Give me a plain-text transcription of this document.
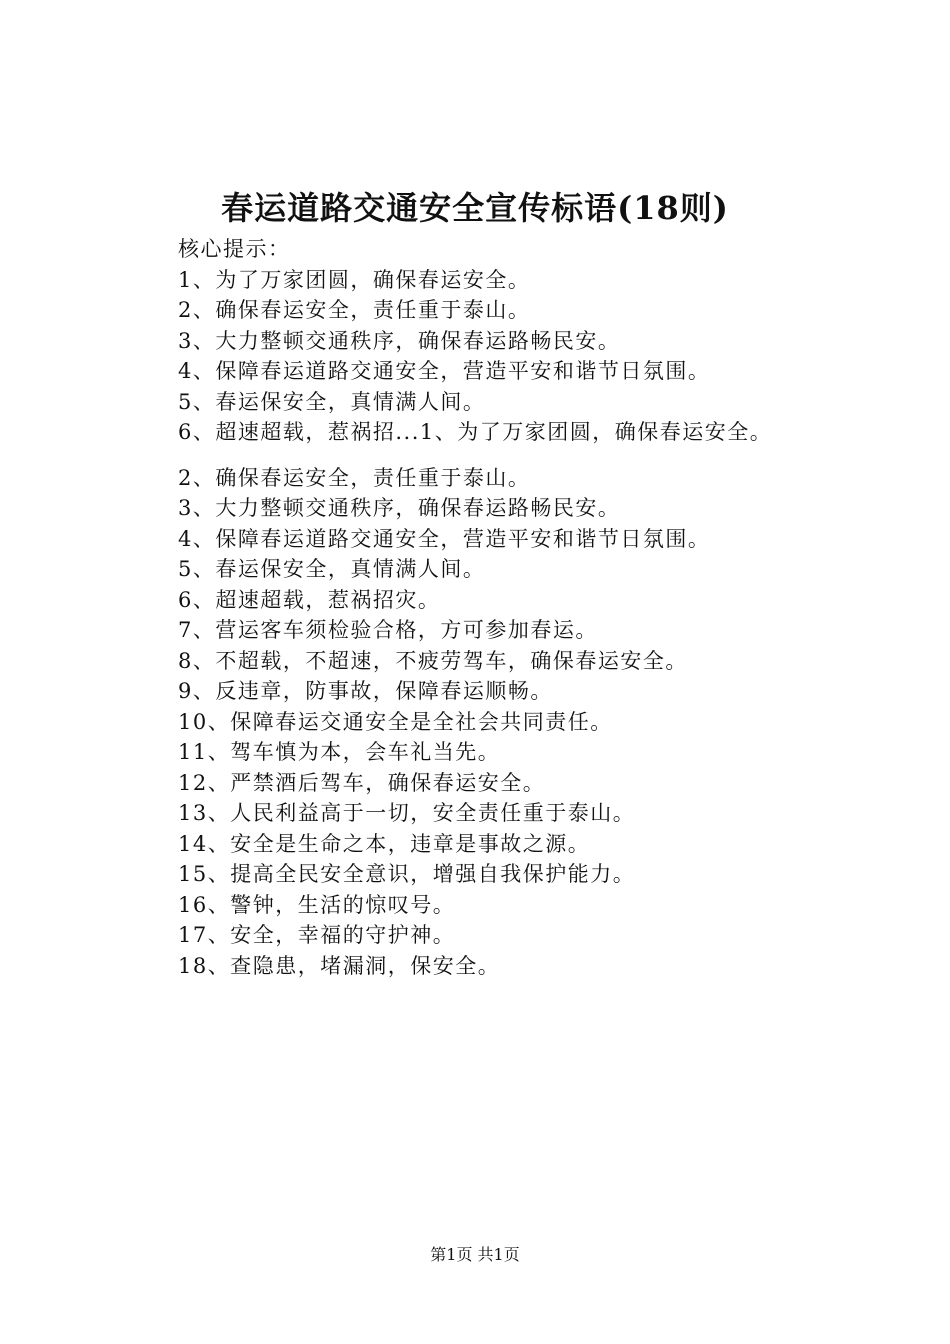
春运道路交通安全宣传标语(18则)
核心提示：
1、为了万家团圆，确保春运安全。
2、确保春运安全，责任重于泰山。
3、大力整顿交通秩序，确保春运路畅民安。
4、保障春运道路交通安全，营造平安和谐节日氛围。
5、春运保安全，真情满人间。
6、超速超载，惹祸招...1、为了万家团圆，确保春运安全。
2、确保春运安全，责任重于泰山。
3、大力整顿交通秩序，确保春运路畅民安。
4、保障春运道路交通安全，营造平安和谐节日氛围。
5、春运保安全，真情满人间。
6、超速超载，惹祸招灾。
7、营运客车须检验合格，方可参加春运。
8、不超载，不超速，不疲劳驾车，确保春运安全。
9、反违章，防事故，保障春运顺畅。
10、保障春运交通安全是全社会共同责任。
11、驾车慎为本，会车礼当先。
12、严禁酒后驾车，确保春运安全。
13、人民利益高于一切，安全责任重于泰山。
14、安全是生命之本，违章是事故之源。
15、提高全民安全意识，增强自我保护能力。
16、警钟，生活的惊叹号。
17、安全，幸福的守护神。
18、查隐患，堵漏洞，保安全。
第1页 共1页
